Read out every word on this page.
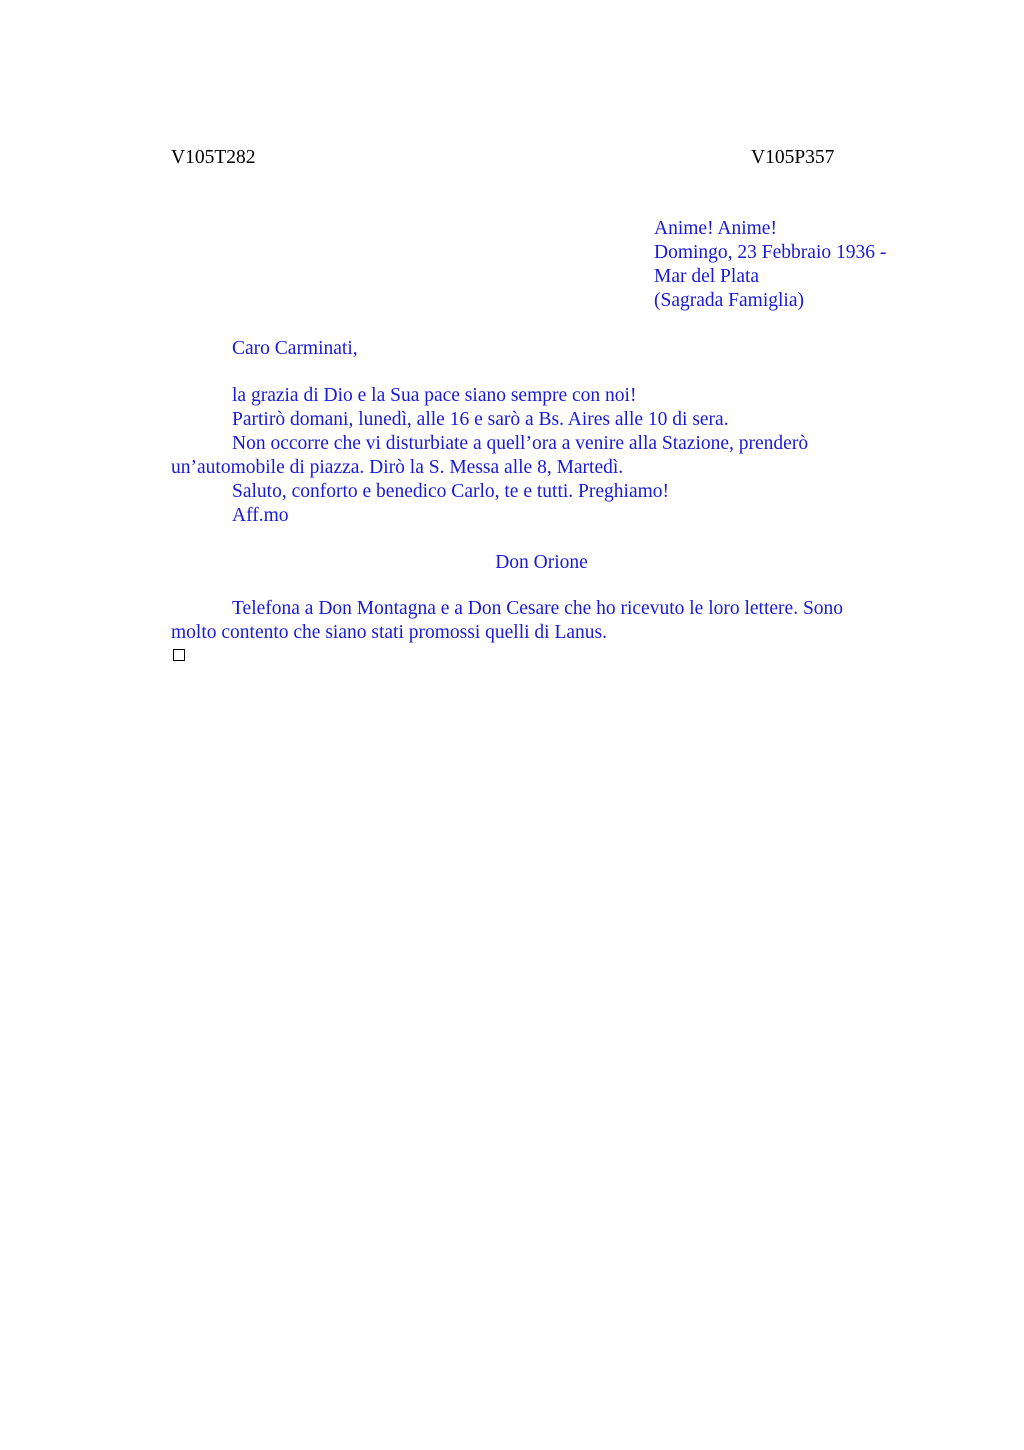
V105T282	V105P357
Anime! Anime!
Domingo, 23 Febbraio 1936 -
Mar del Plata
(Sagrada Famiglia)
Caro Carminati,

la grazia di Dio e la Sua pace siano sempre con noi!

Partirò domani, lunedì, alle 16 e sarò a Bs. Aires alle 10 di sera.

Non occorre che vi disturbiate a quell’ora a venire alla Stazione, prenderò un’automobile di piazza. Dirò la S. Messa alle 8, Martedì.

Saluto, conforto e benedico Carlo, te e tutti. Preghiamo!

Aff.mo

Don Orione

Telefona a Don Montagna e a Don Cesare che ho ricevuto le loro lettere. Sono molto contento che siano stati promossi quelli di Lanus.
